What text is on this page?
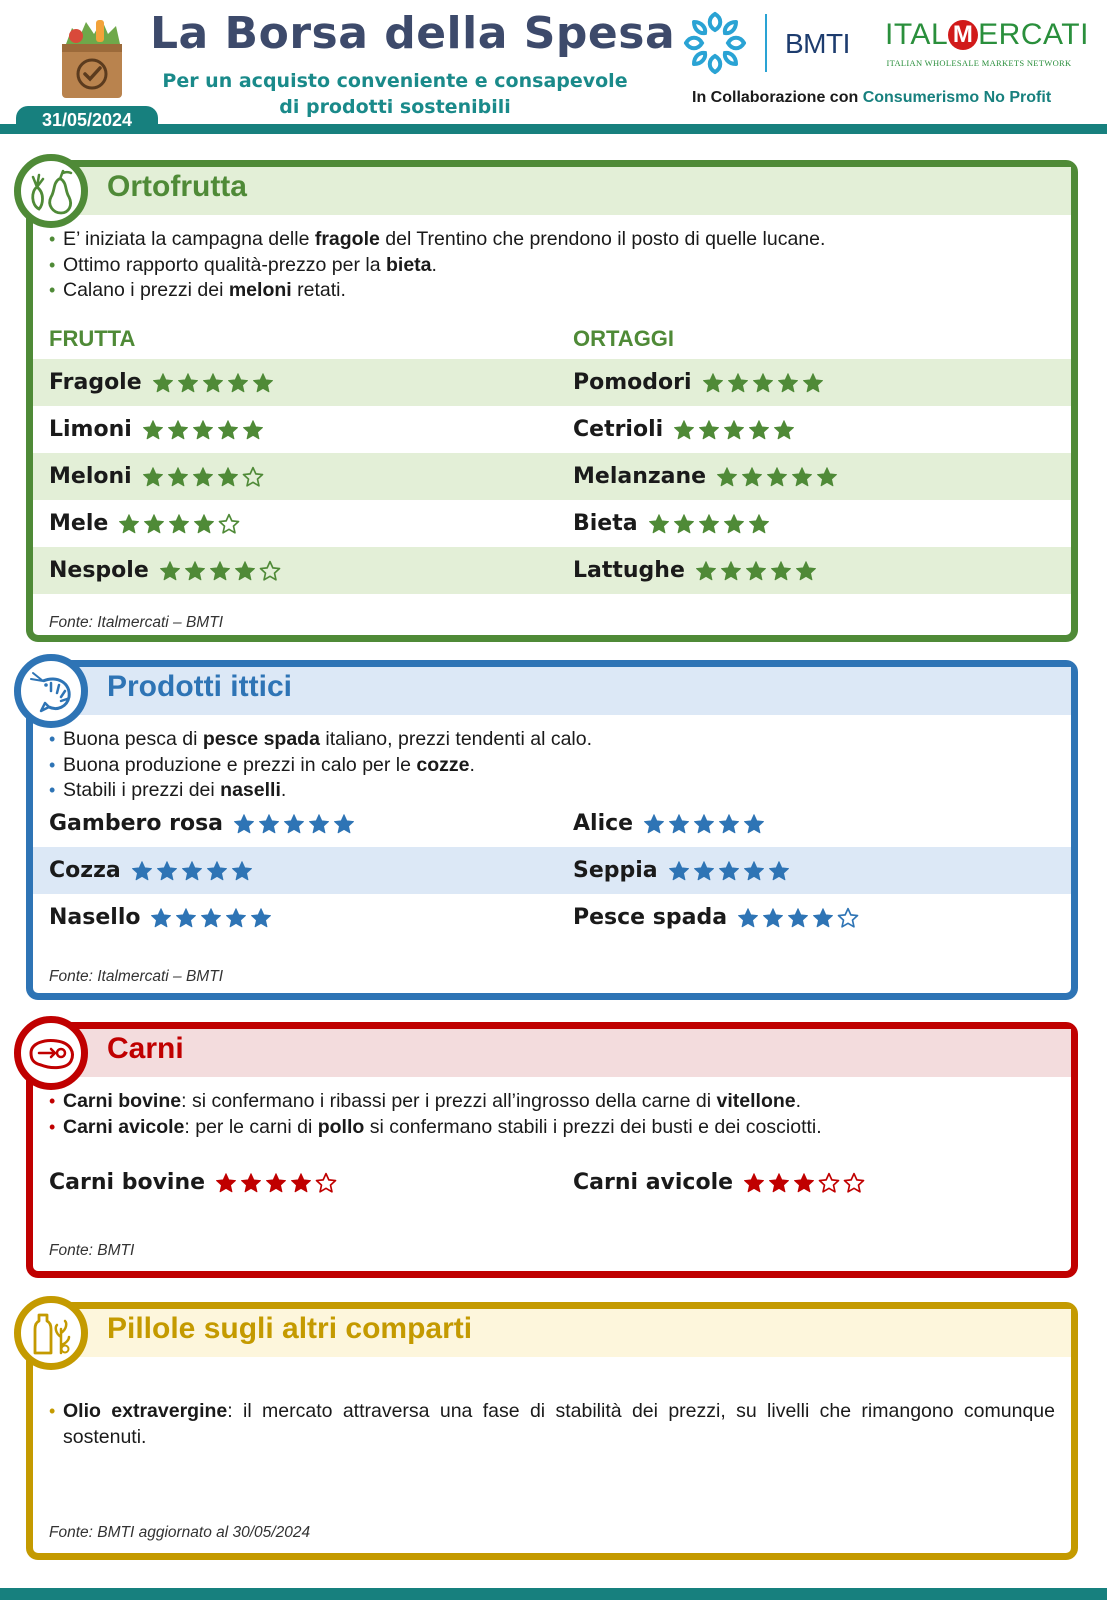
La Borsa della Spesa
Per un acquisto conveniente e consapevole
di prodotti sostenibili
BMTI ITAL M ERCATI
ITALIAN WHOLESALE MARKETS NETWORK
In Collaborazione con Consumerismo No Profit
31/05/2024
Ortofrutta
• E’ iniziata la campagna delle fragole del Trentino che prendono il posto di quelle lucane.
• Ottimo rapporto qualità-prezzo per la bieta.
• Calano i prezzi dei meloni retati.
FRUTTA	ORTAGGI
Fragole	Pomodori
Limoni	Cetrioli
Meloni	Melanzane
Mele	Bieta
Nespole	Lattughe
Fonte: Italmercati – BMTI
Prodotti ittici
• Buona pesca di pesce spada italiano, prezzi tendenti al calo.
• Buona produzione e prezzi in calo per le cozze.
• Stabili i prezzi dei naselli.
Gambero rosa	Alice
Cozza	Seppia
Nasello	Pesce spada
Fonte: Italmercati – BMTI
Carni
• Carni bovine: si confermano i ribassi per i prezzi all’ingrosso della carne di vitellone.
• Carni avicole: per le carni di pollo si confermano stabili i prezzi dei busti e dei cosciotti.
Carni bovine	Carni avicole
Fonte: BMTI
Pillole sugli altri comparti
• Olio extravergine: il mercato attraversa una fase di stabilità dei prezzi, su livelli che rimangono comunque sostenuti.
Fonte: BMTI aggiornato al 30/05/2024
